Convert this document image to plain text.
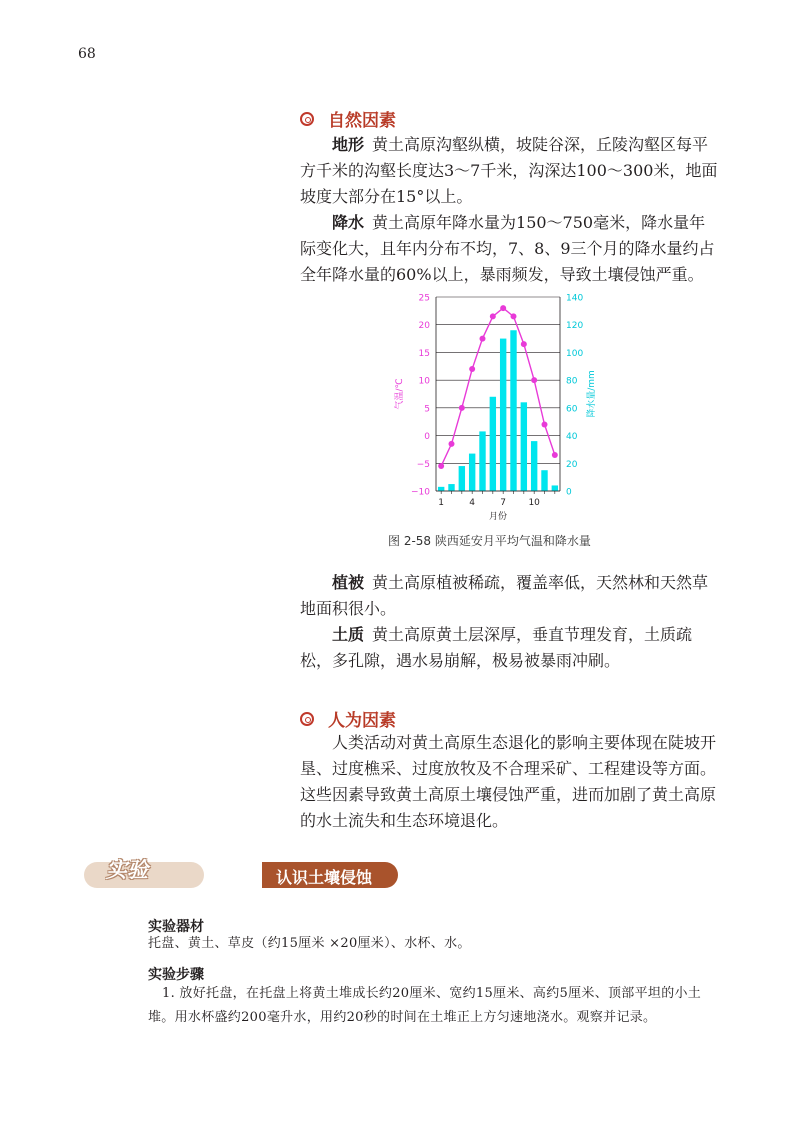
68
自然因素
地形 黄土高原沟壑纵横，坡陡谷深，丘陵沟壑区每平方千米的沟壑长度达3～7千米，沟深达100～300米，地面坡度大部分在15°以上。
降水 黄土高原年降水量为150～750毫米，降水量年际变化大，且年内分布不均，7、8、9三个月的降水量约占全年降水量的60%以上，暴雨频发，导致土壤侵蚀严重。
25	140
20	120
15	100
10	80
5	60
0	40
−5	20
−10	0
1	4	7 10
月份
气温/℃	降水量/mm
图 2-58 陕西延安月平均气温和降水量
植被 黄土高原植被稀疏，覆盖率低，天然林和天然草地面积很小。
土质 黄土高原黄土层深厚，垂直节理发育，土质疏松，多孔隙，遇水易崩解，极易被暴雨冲刷。
人为因素
人类活动对黄土高原生态退化的影响主要体现在陡坡开垦、过度樵采、过度放牧及不合理采矿、工程建设等方面。这些因素导致黄土高原土壤侵蚀严重，进而加剧了黄土高原的水土流失和生态环境退化。
实验	认识土壤侵蚀
实验器材
托盘、黄土、草皮（约15厘米 ×20厘米）、水杯、水。
实验步骤
1. 放好托盘，在托盘上将黄土堆成长约20厘米、宽约15厘米、高约5厘米、顶部平坦的小土堆。用水杯盛约200毫升水，用约20秒的时间在土堆正上方匀速地浇水。观察并记录。
